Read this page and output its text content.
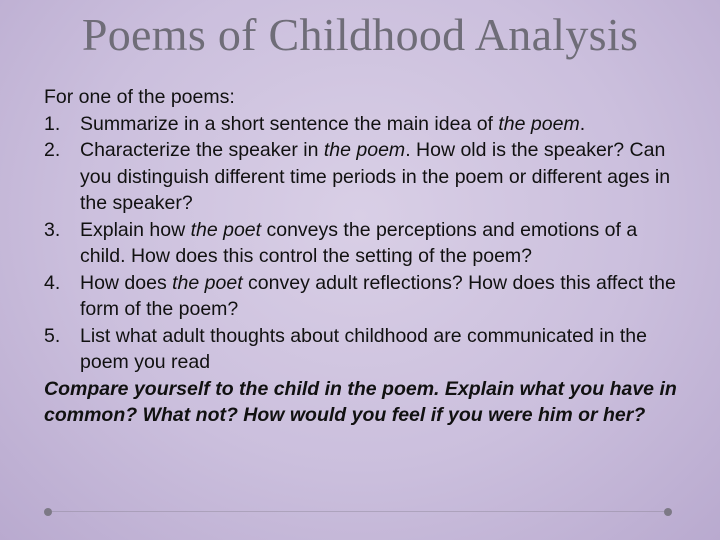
Poems of Childhood Analysis

For one of the poems:

1. Summarize in a short sentence the main idea of the poem.
2. Characterize the speaker in the poem. How old is the speaker? Can you distinguish different time periods in the poem or different ages in the speaker?
3. Explain how the poet conveys the perceptions and emotions of a child. How does this control the setting of the poem?
4. How does the poet convey adult reflections? How does this affect the form of the poem?
5. List what adult thoughts about childhood are communicated in the poem you read

Compare yourself to the child in the poem. Explain what you have in common? What not? How would you feel if you were him or her?
